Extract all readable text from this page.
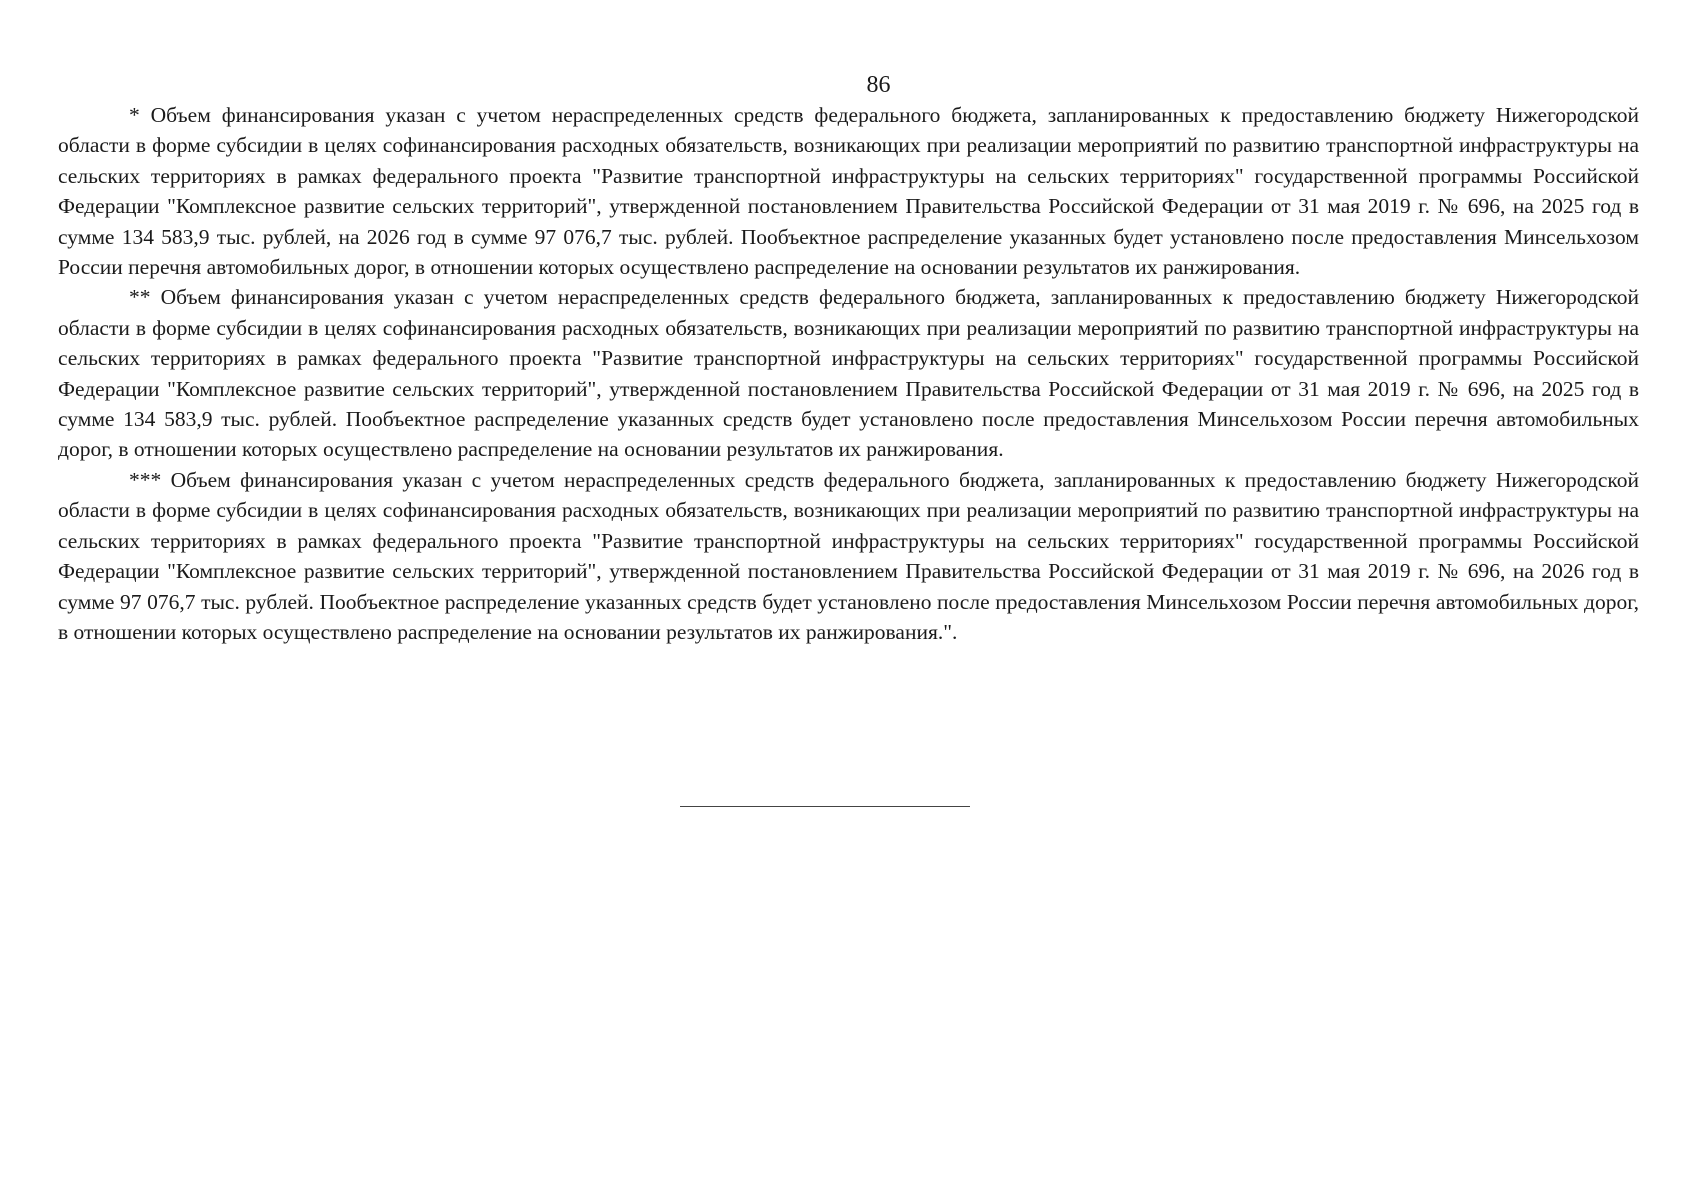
86

* Объем финансирования указан с учетом нераспределенных средств федерального бюджета, запланированных к предоставлению бюджету Нижегородской области в форме субсидии в целях софинансирования расходных обязательств, возникающих при реализации мероприятий по развитию транспортной инфраструктуры на сельских территориях в рамках федерального проекта "Развитие транспортной инфраструктуры на сельских территориях" государственной программы Российской Федерации "Комплексное развитие сельских территорий", утвержденной постановлением Правительства Российской Федерации от 31 мая 2019 г. № 696, на 2025 год в сумме 134 583,9 тыс. рублей, на 2026 год в сумме 97 076,7 тыс. рублей. Пообъектное распределение указанных будет установлено после предоставления Минсельхозом России перечня автомобильных дорог, в отношении которых осуществлено распределение на основании результатов их ранжирования.

** Объем финансирования указан с учетом нераспределенных средств федерального бюджета, запланированных к предоставлению бюджету Нижегородской области в форме субсидии в целях софинансирования расходных обязательств, возникающих при реализации мероприятий по развитию транспортной инфраструктуры на сельских территориях в рамках федерального проекта "Развитие транспортной инфраструктуры на сельских территориях" государственной программы Российской Федерации "Комплексное развитие сельских территорий", утвержденной постановлением Правительства Российской Федерации от 31 мая 2019 г. № 696, на 2025 год в сумме 134 583,9 тыс. рублей. Пообъектное распределение указанных средств будет установлено после предоставления Минсельхозом России перечня автомобильных дорог, в отношении которых осуществлено распределение на основании результатов их ранжирования.

*** Объем финансирования указан с учетом нераспределенных средств федерального бюджета, запланированных к предоставлению бюджету Нижегородской области в форме субсидии в целях софинансирования расходных обязательств, возникающих при реализации мероприятий по развитию транспортной инфраструктуры на сельских территориях в рамках федерального проекта "Развитие транспортной инфраструктуры на сельских территориях" государственной программы Российской Федерации "Комплексное развитие сельских территорий", утвержденной постановлением Правительства Российской Федерации от 31 мая 2019 г. № 696, на 2026 год в сумме 97 076,7 тыс. рублей. Пообъектное распределение указанных средств будет установлено после предоставления Минсельхозом России перечня автомобильных дорог, в отношении которых осуществлено распределение на основании результатов их ранжирования.".
